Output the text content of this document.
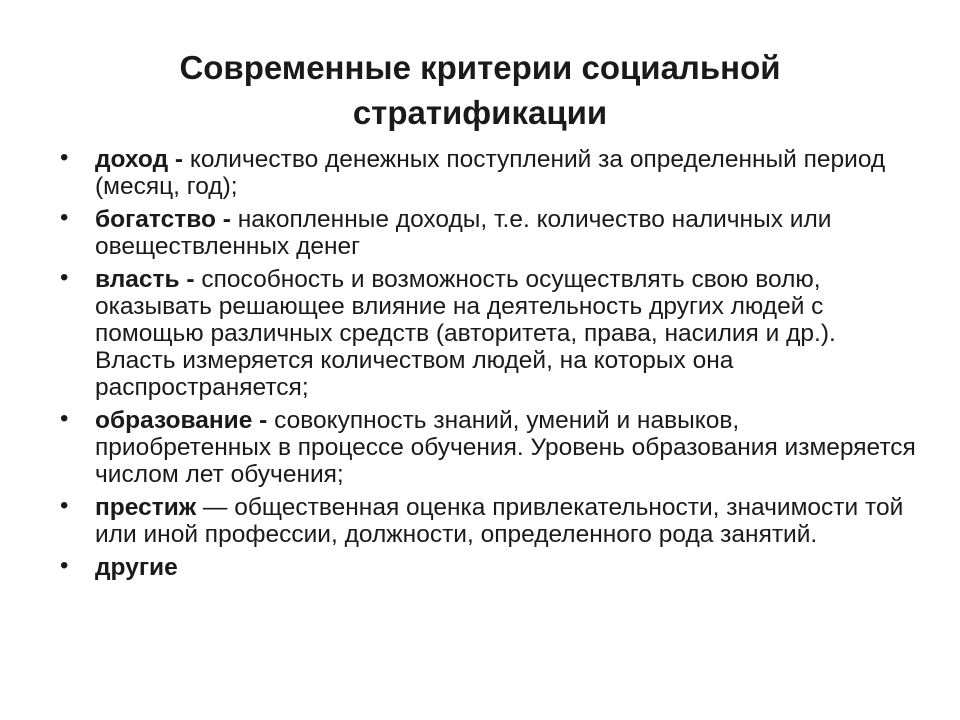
Современные критерии социальной
стратификации
• доход - количество денежных поступлений за определенный период (месяц, год);
• богатство - накопленные доходы, т.е. количество наличных или овеществленных денег
• власть - способность и возможность осуществлять свою волю, оказывать решающее влияние на деятельность других людей с помощью различных средств (авторитета, права, насилия и др.). Власть измеряется количеством людей, на которых она распространяется;
• образование - совокупность знаний, умений и навыков, приобретенных в процессе обучения. Уровень образования измеряется числом лет обучения;
• престиж — общественная оценка привлекательности, значимости той или иной профессии, должности, определенного рода занятий.
• другие
